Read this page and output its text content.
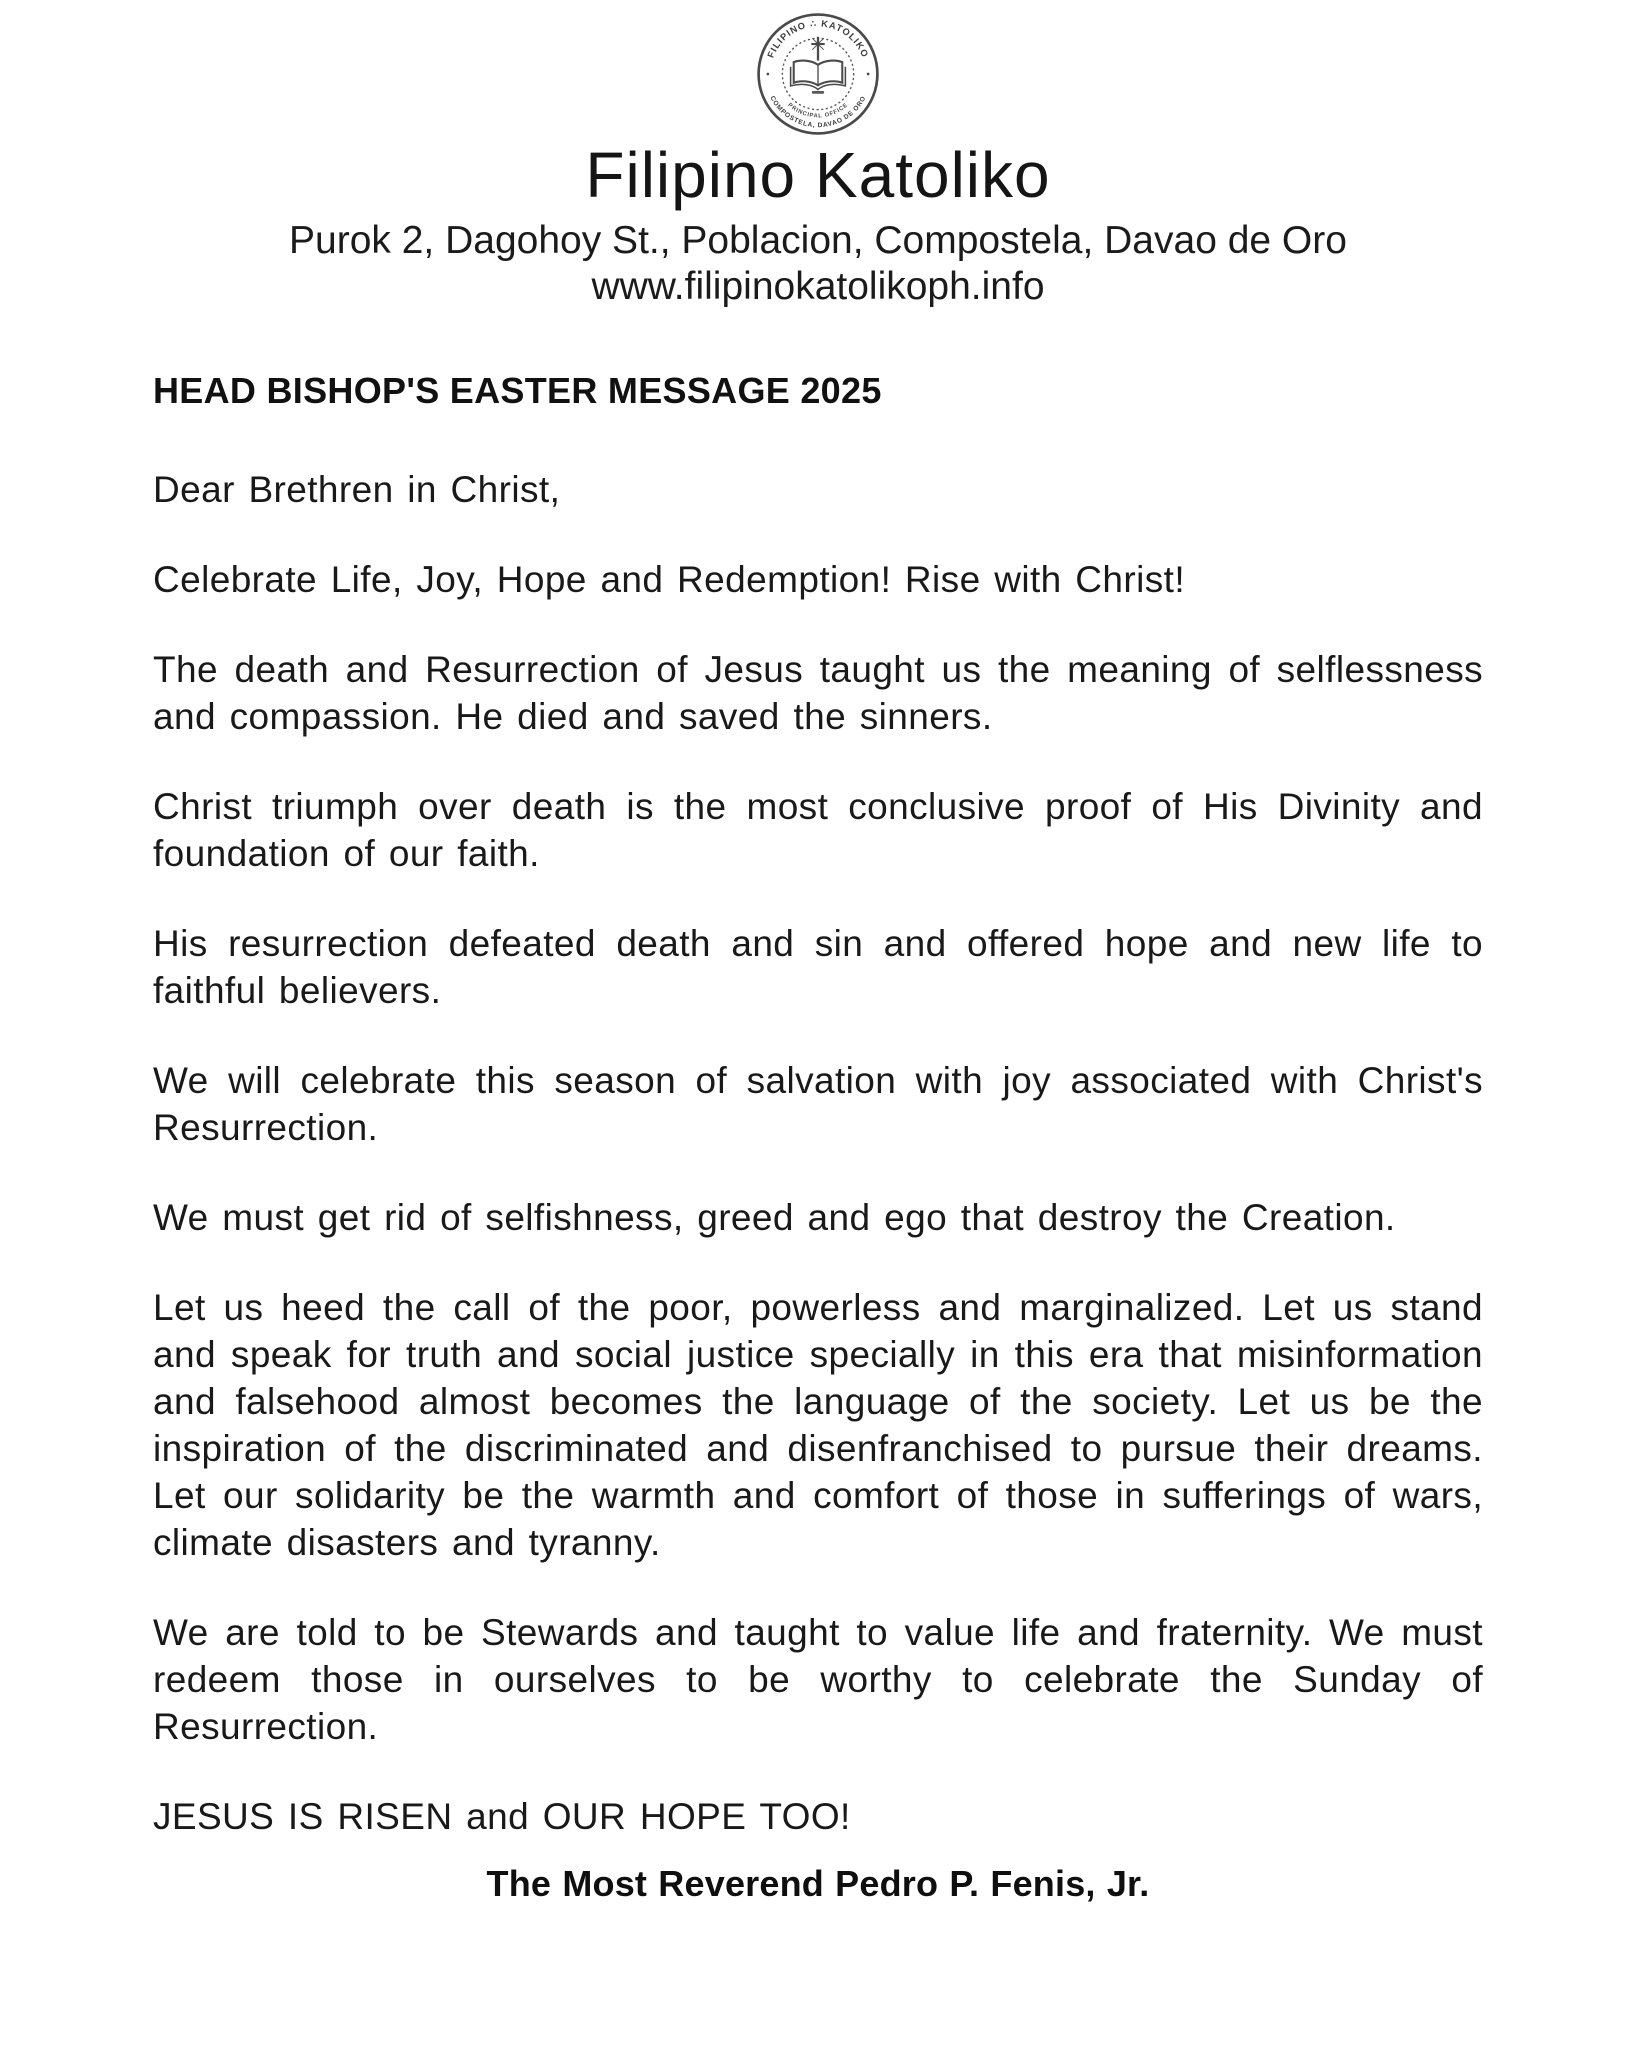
FILIPINO ∴ KATOLIKO
COMPOSTELA, DAVAO DE ORO
PRINCIPAL OFFICE
Filipino Katoliko
Purok 2, Dagohoy St., Poblacion, Compostela, Davao de Oro
www.filipinokatolikoph.info
HEAD BISHOP'S EASTER MESSAGE 2025

Dear Brethren in Christ,

Celebrate Life, Joy, Hope and Redemption! Rise with Christ!

The death and Resurrection of Jesus taught us the meaning of selflessness and compassion. He died and saved the sinners.

Christ triumph over death is the most conclusive proof of His Divinity and foundation of our faith.

His resurrection defeated death and sin and offered hope and new life to faithful believers.

We will celebrate this season of salvation with joy associated with Christ's Resurrection.

We must get rid of selfishness, greed and ego that destroy the Creation.

Let us heed the call of the poor, powerless and marginalized. Let us stand and speak for truth and social justice specially in this era that misinformation and falsehood almost becomes the language of the society. Let us be the inspiration of the discriminated and disenfranchised to pursue their dreams. Let our solidarity be the warmth and comfort of those in sufferings of wars, climate disasters and tyranny.

We are told to be Stewards and taught to value life and fraternity. We must redeem those in ourselves to be worthy to celebrate the Sunday of Resurrection.

JESUS IS RISEN and OUR HOPE TOO!

The Most Reverend Pedro P. Fenis, Jr.
